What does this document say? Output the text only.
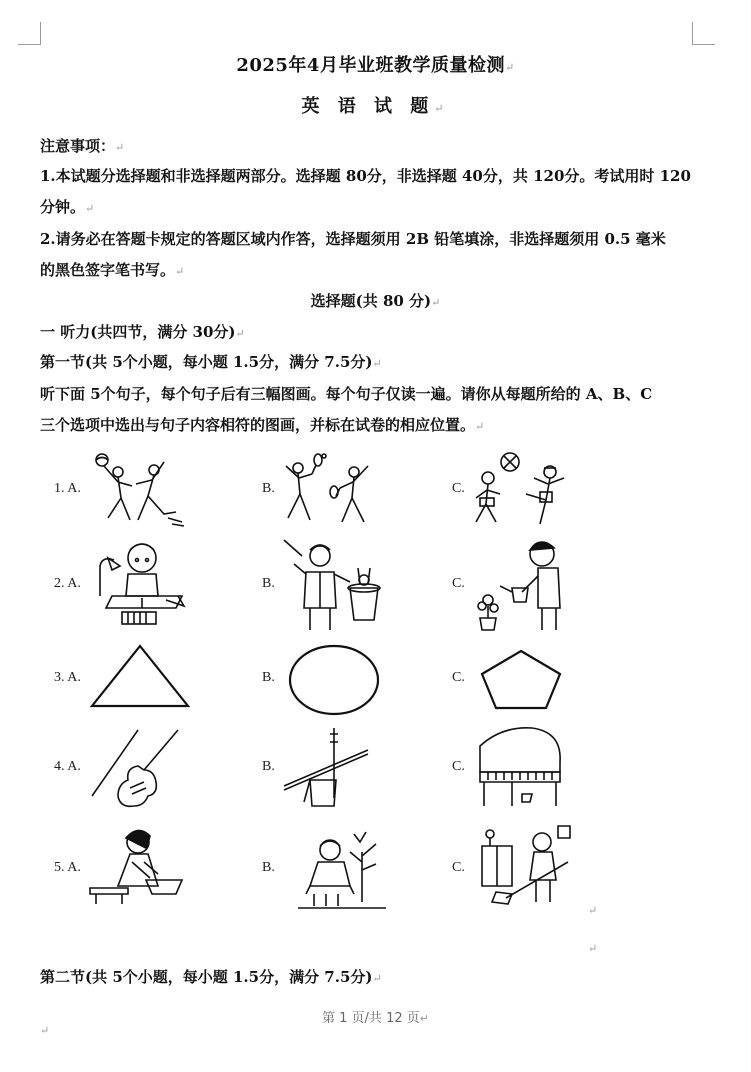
2025年4月毕业班教学质量检测↵
英 语 试 题↵
注意事项：↵
1.本试题分选择题和非选择题两部分。选择题 80分，非选择题 40分，共 120分。考试用时 120
分钟。↵
2.请务必在答题卡规定的答题区域内作答，选择题须用 2B 铅笔填涂，非选择题须用 0.5 毫米
的黑色签字笔书写。↵
选择题(共 80 分)↵
一 听力(共四节，满分 30分)↵
第一节(共 5个小题，每小题 1.5分，满分 7.5分)↵
听下面 5个句子，每个句子后有三幅图画。每个句子仅读一遍。请你从每题所给的 A、B、C
三个选项中选出与句子内容相符的图画，并标在试卷的相应位置。↵
1. A.	B.	C.
2. A.	B.	C.
3. A.	B.	C.
4. A.	B.	C.
5. A.	B.	C.
↵
↵
第二节(共 5个小题，每小题 1.5分，满分 7.5分)↵
第 1 页/共 12 页↵
↵
